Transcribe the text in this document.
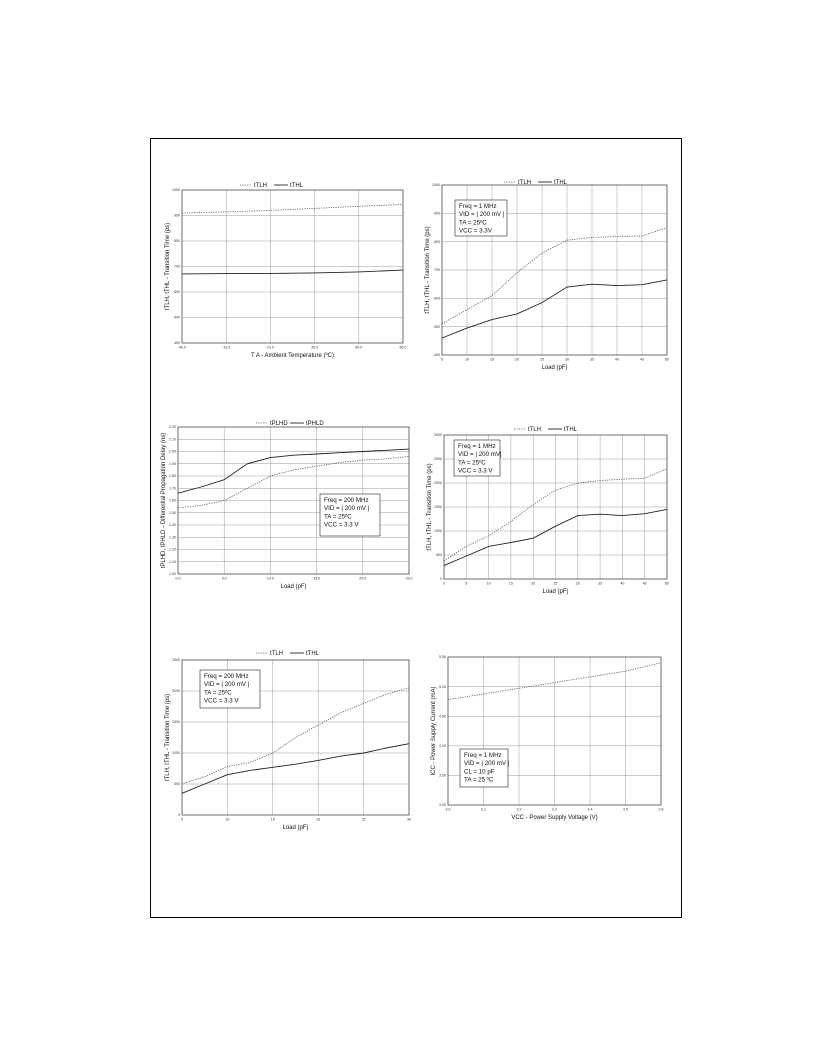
400
500
600
700
800
900
1000
-40.0	-15.0	10.0	35.0	60.0	85.0
tTLH	tTHL
T A - Ambient Temperature (ºC)
tTLH, tTHL - Transition Time (ps)
400
500
600
700
800
900
1000
5	10	15	20	25	30	35	40	45	50
tTLH	tTHL
Load (pF)
tTLH, tTHL - Transition Time (ps)
Freq = 1 MHz
VID = | 200 mV |
TA = 25ºC
VCC = 3.3V
1.00
1.10
1.20
1.30
1.40
1.50
1.60
1.70
1.80
1.90
2.00
2.10
2.20
0.0	5.0	10.0	15.0	20.0	25.0
tPLHD	tPHLD
Load (pF)
tPLHD, tPHLD - Differential Propagation Delay (ns)	Freq = 200 MHz
VID = | 200 mV |
TA = 25ºC
VCC = 3.3 V
0
500
1000
1500
2000
2500
3000
0	5	10	15	20	25	30	35	40	45	50
tTLH	tTHL
Load (pF)
tTLH, tTHL - Transition Time (ps)
Freq = 1 MHz
VID = | 200 mV|
TA = 25ºC
VCC = 3.3 V
0
500
1000
1500
2000
2500
5	10	15	20	25	30
tTLH	tTHL
Load (pF)
tTLH, tTHL - Transition Time (ps)
Freq = 200 MHz
VID = | 200 mV |
TA = 25ºC
VCC = 3.3 V
3.00
3.50
4.00
4.50
5.00
5.50
3.0	3.1	3.2	3.3	3.4	3.5	3.6
VCC - Power Supply Voltage (V)
ICC - Power Supply Current (mA)	Freq = 1 MHz
VID = | 200 mV |
CL = 10 pF
TA = 25 ºC
